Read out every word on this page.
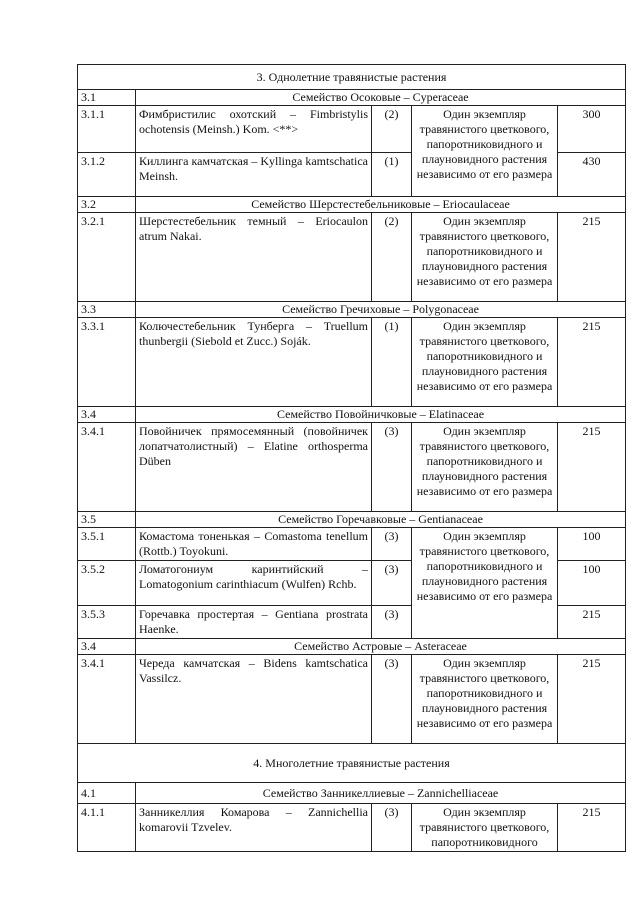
3. Однолетние травянистые растения				
3.1	Семейство Осоковые – Cyperaceae			
3.1.1	Фимбристилис охотский – Fimbristylis ochotensis (Meinsh.) Kom. <**>	(2)	Один экземпляр травянистого цветкового, папоротниковидного и плауновидного растения независимо от его размера	300
3.1.2	Киллинга камчатская – Kyllinga kamtschatica Meinsh.	(1)		430
3.2	Семейство Шерстестебельниковые – Eriocaulaceae			
3.2.1	Шерстестебельник темный – Eriocaulon atrum Nakai.	(2)	Один экземпляр травянистого цветкового, папоротниковидного и плауновидного растения независимо от его размера	215
3.3	Семейство Гречиховые – Polygonaceae			
3.3.1	Колючестебельник Тунберга – Truellum thunbergii (Siebold et Zucc.) Soják.	(1)	Один экземпляр травянистого цветкового, папоротниковидного и плауновидного растения независимо от его размера	215
3.4	Семейство Повойничковые – Elatinaceae			
3.4.1	Повойничек прямосемянный (повойничек лопатчатолистный) – Elatine orthosperma Düben	(3)	Один экземпляр травянистого цветкового, папоротниковидного и плауновидного растения независимо от его размера	215
3.5	Семейство Горечавковые – Gentianaceae			
3.5.1	Комастома тоненькая – Comastoma tenellum (Rottb.) Toyokuni.	(3)	Один экземпляр травянистого цветкового, папоротниковидного и плауновидного растения независимо от его размера	100
3.5.2	Ломатогониум каринтийский – Lomatogonium carinthiacum (Wulfen) Rchb.	(3)		100
3.5.3	Горечавка простертая – Gentiana prostrata Haenke.	(3)		215
3.4	Семейство Астровые – Asteraceae			
3.4.1	Череда камчатская – Bidens kamtschatica Vassilcz.	(3)	Один экземпляр травянистого цветкового, папоротниковидного и плауновидного растения независимо от его размера	215
4. Многолетние травянистые растения				
4.1	Семейство Занникеллиевые – Zannichelliaceae			
4.1.1	Занникеллия Комарова – Zannichellia komarovii Tzvelev.	(3)	Один экземпляр травянистого цветкового, папоротниковидного	215
